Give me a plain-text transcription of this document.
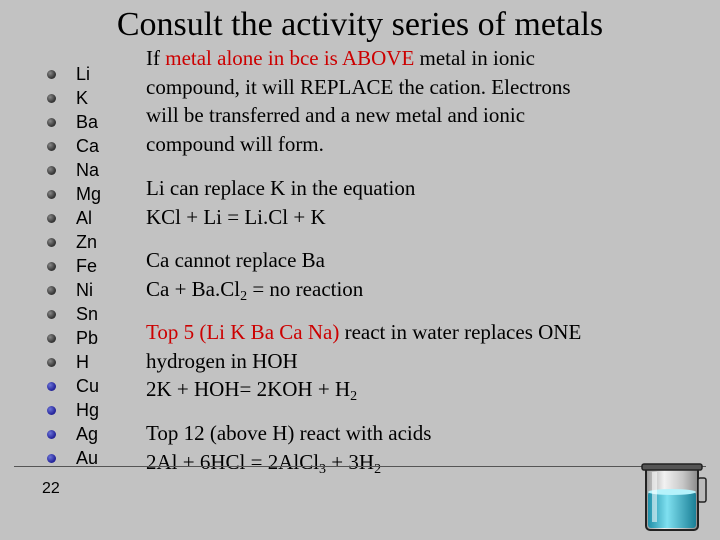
Consult the activity series of metals
Li
K
Ba
Ca
Na
Mg
Al
Zn
Fe
Ni
Sn
Pb
H
Cu
Hg
Ag
Au
If metal alone in bce is ABOVE metal in ionic
compound, it will REPLACE the cation. Electrons
will be transferred and a new metal and ionic
compound will form.
Li can replace K in the equation
KCl + Li = Li.Cl + K
Ca cannot replace Ba
$Ca + Ba.Cl_2$ = no reaction
Top 5 (Li K Ba Ca Na) react in water replaces ONE
hydrogen in HOH
$2K + HOH= 2KOH + H_2$
Top 12 (above H) react with acids
2Al + 6HCl = 2AlCl$_3$ + $3H_2$
22
